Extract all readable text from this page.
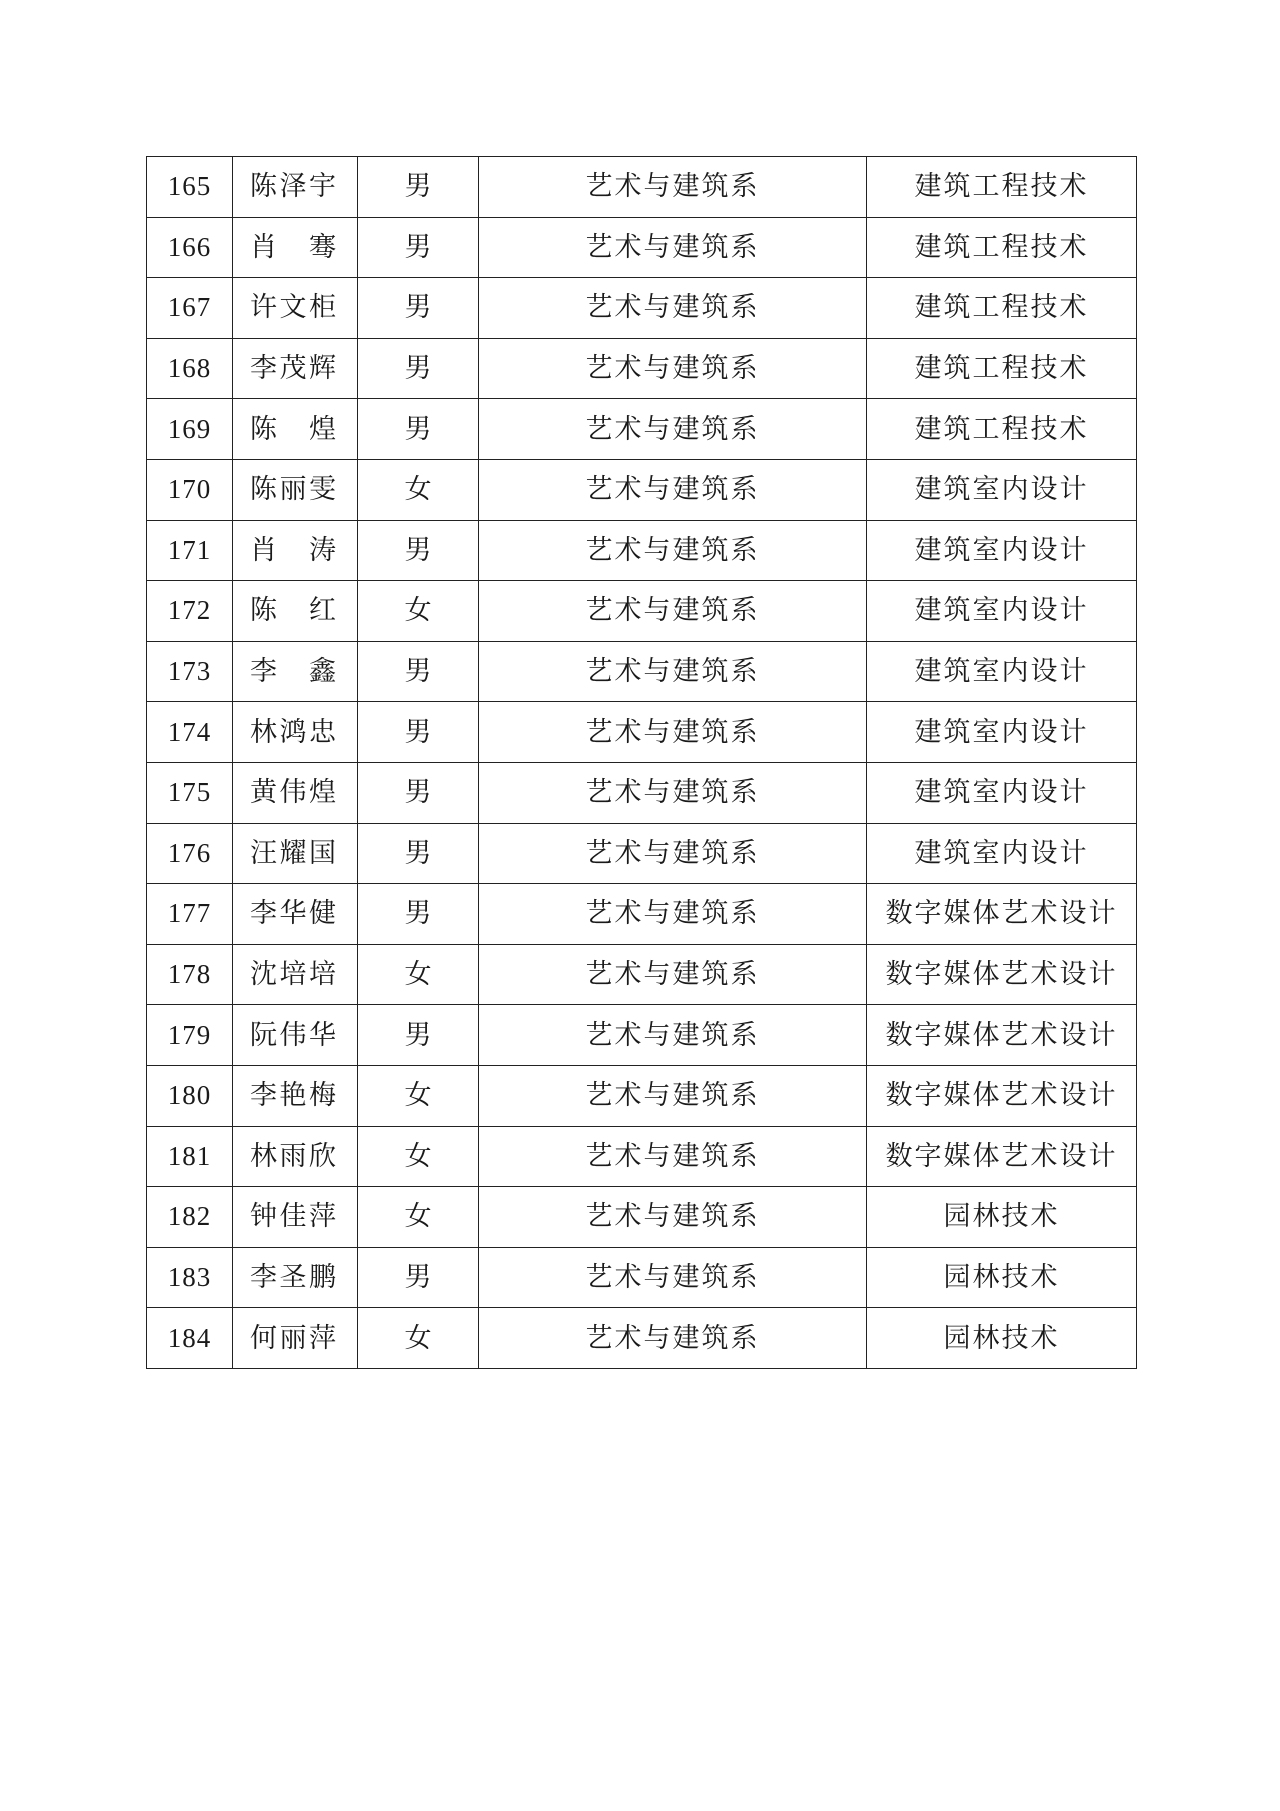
165	陈泽宇	男	艺术与建筑系	建筑工程技术
166	肖骞	男	艺术与建筑系	建筑工程技术
167	许文柜	男	艺术与建筑系	建筑工程技术
168	李茂辉	男	艺术与建筑系	建筑工程技术
169	陈煌	男	艺术与建筑系	建筑工程技术
170	陈丽雯	女	艺术与建筑系	建筑室内设计
171	肖涛	男	艺术与建筑系	建筑室内设计
172	陈红	女	艺术与建筑系	建筑室内设计
173	李鑫	男	艺术与建筑系	建筑室内设计
174	林鸿忠	男	艺术与建筑系	建筑室内设计
175	黄伟煌	男	艺术与建筑系	建筑室内设计
176	汪耀国	男	艺术与建筑系	建筑室内设计
177	李华健	男	艺术与建筑系	数字媒体艺术设计
178	沈培培	女	艺术与建筑系	数字媒体艺术设计
179	阮伟华	男	艺术与建筑系	数字媒体艺术设计
180	李艳梅	女	艺术与建筑系	数字媒体艺术设计
181	林雨欣	女	艺术与建筑系	数字媒体艺术设计
182	钟佳萍	女	艺术与建筑系	园林技术
183	李圣鹏	男	艺术与建筑系	园林技术
184	何丽萍	女	艺术与建筑系	园林技术
